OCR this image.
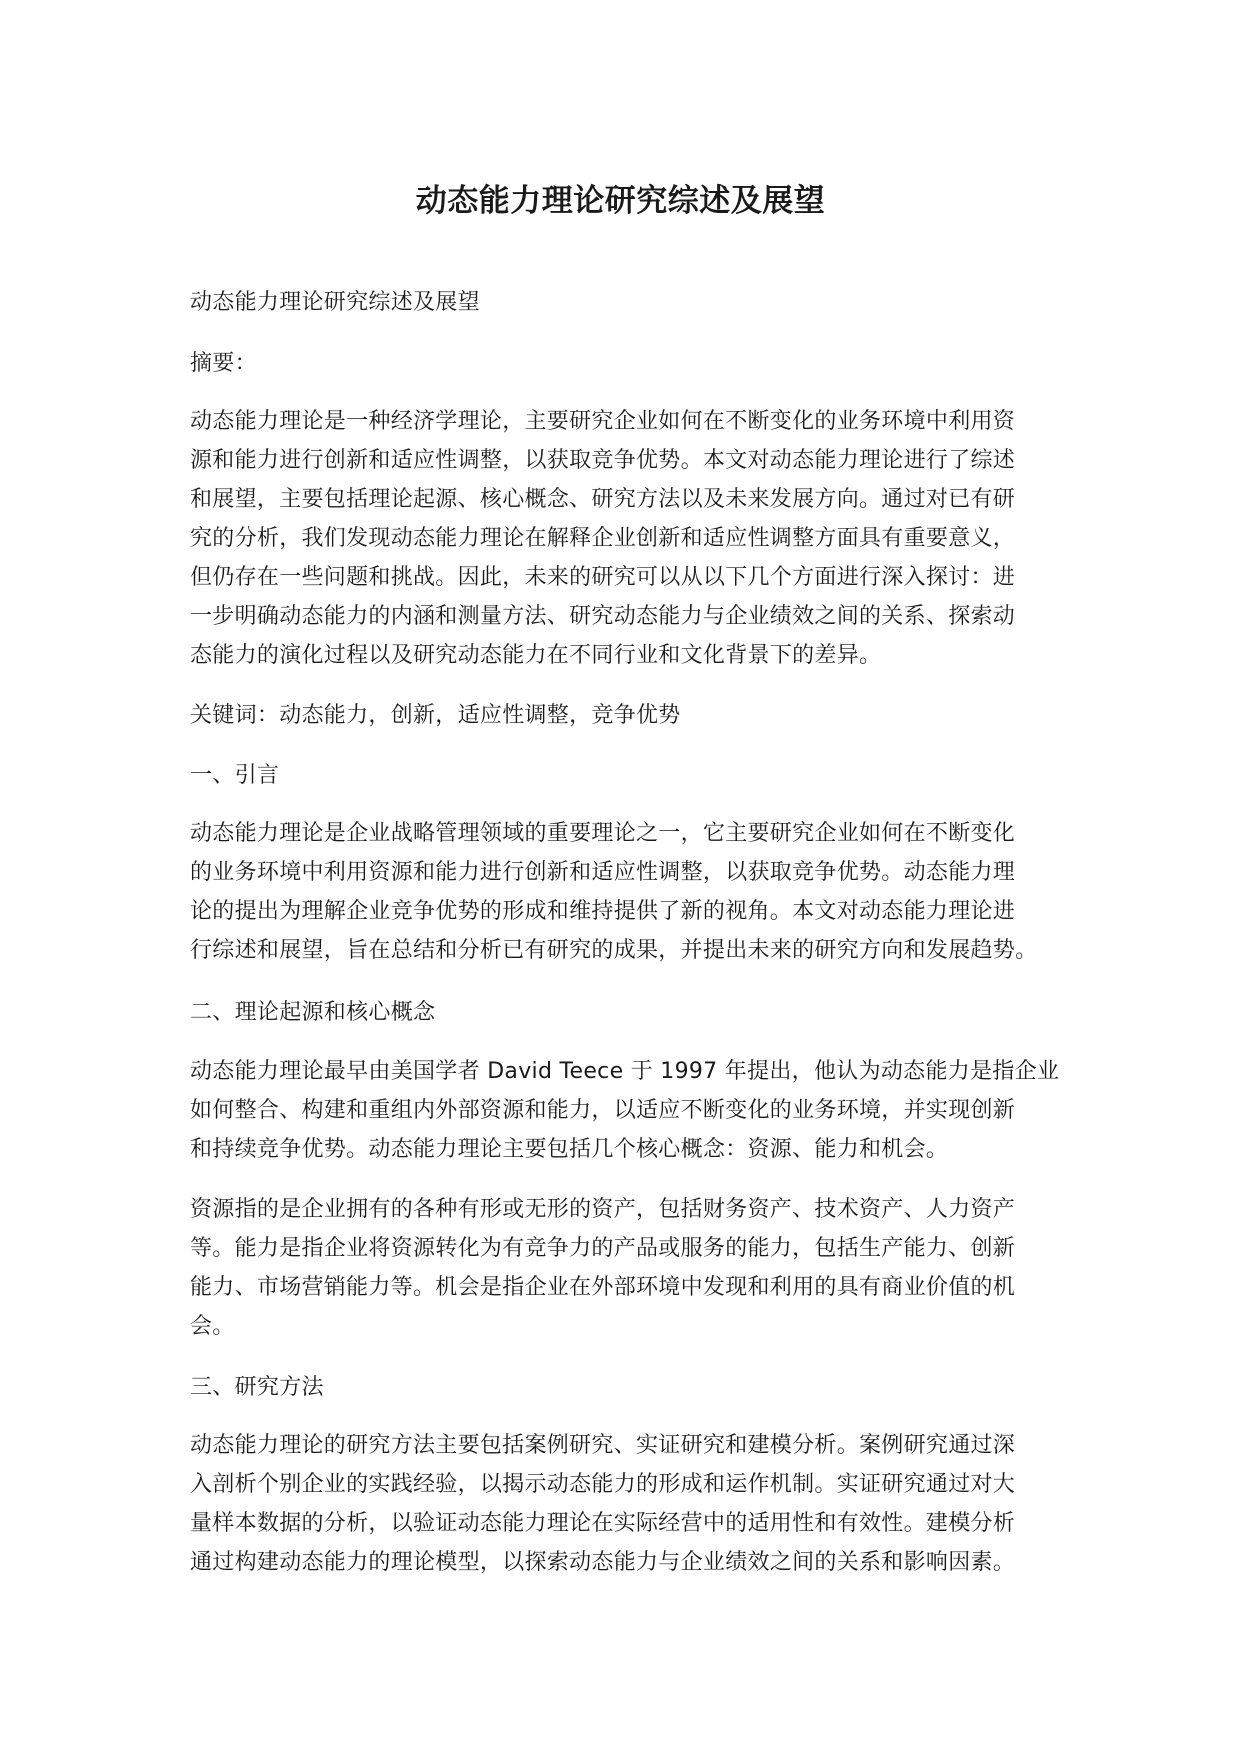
动态能力理论研究综述及展望

动态能力理论研究综述及展望

摘要：

动态能力理论是一种经济学理论，主要研究企业如何在不断变化的业务环境中利用资
源和能力进行创新和适应性调整，以获取竞争优势。本文对动态能力理论进行了综述
和展望，主要包括理论起源、核心概念、研究方法以及未来发展方向。通过对已有研
究的分析，我们发现动态能力理论在解释企业创新和适应性调整方面具有重要意义，
但仍存在一些问题和挑战。因此，未来的研究可以从以下几个方面进行深入探讨：进
一步明确动态能力的内涵和测量方法、研究动态能力与企业绩效之间的关系、探索动
态能力的演化过程以及研究动态能力在不同行业和文化背景下的差异。

关键词：动态能力，创新，适应性调整，竞争优势

一、引言

动态能力理论是企业战略管理领域的重要理论之一，它主要研究企业如何在不断变化
的业务环境中利用资源和能力进行创新和适应性调整，以获取竞争优势。动态能力理
论的提出为理解企业竞争优势的形成和维持提供了新的视角。本文对动态能力理论进
行综述和展望，旨在总结和分析已有研究的成果，并提出未来的研究方向和发展趋势。

二、理论起源和核心概念

动态能力理论最早由美国学者 David Teece 于 1997 年提出，他认为动态能力是指企业
如何整合、构建和重组内外部资源和能力，以适应不断变化的业务环境，并实现创新
和持续竞争优势。动态能力理论主要包括几个核心概念：资源、能力和机会。
资源指的是企业拥有的各种有形或无形的资产，包括财务资产、技术资产、人力资产
等。能力是指企业将资源转化为有竞争力的产品或服务的能力，包括生产能力、创新
能力、市场营销能力等。机会是指企业在外部环境中发现和利用的具有商业价值的机
会。

三、研究方法

动态能力理论的研究方法主要包括案例研究、实证研究和建模分析。案例研究通过深
入剖析个别企业的实践经验，以揭示动态能力的形成和运作机制。实证研究通过对大
量样本数据的分析，以验证动态能力理论在实际经营中的适用性和有效性。建模分析
通过构建动态能力的理论模型，以探索动态能力与企业绩效之间的关系和影响因素。
